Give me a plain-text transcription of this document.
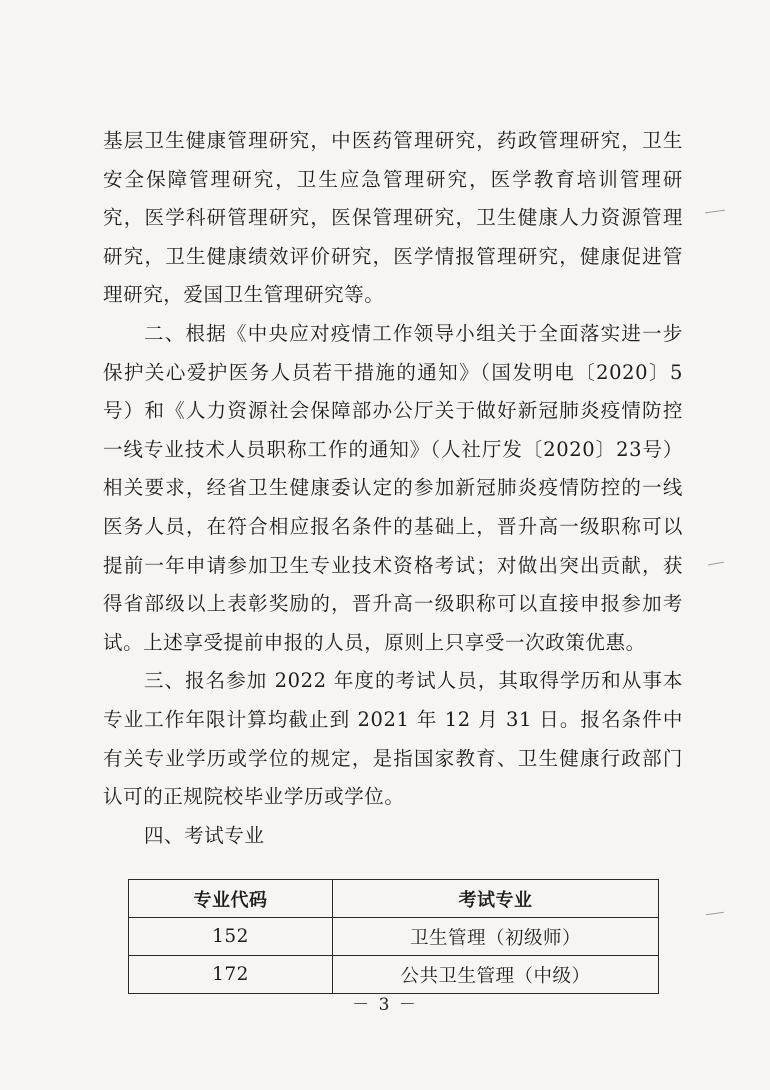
基层卫生健康管理研究，中医药管理研究，药政管理研究，卫生安全保障管理研究，卫生应急管理研究，医学教育培训管理研究，医学科研管理研究，医保管理研究，卫生健康人力资源管理研究，卫生健康绩效评价研究，医学情报管理研究，健康促进管理研究，爱国卫生管理研究等。

二、根据《中央应对疫情工作领导小组关于全面落实进一步保护关心爱护医务人员若干措施的通知》（国发明电〔2020〕5号）和《人力资源社会保障部办公厅关于做好新冠肺炎疫情防控一线专业技术人员职称工作的通知》（人社厅发〔2020〕23号）相关要求，经省卫生健康委认定的参加新冠肺炎疫情防控的一线医务人员，在符合相应报名条件的基础上，晋升高一级职称可以提前一年申请参加卫生专业技术资格考试；对做出突出贡献，获得省部级以上表彰奖励的，晋升高一级职称可以直接申报参加考试。上述享受提前申报的人员，原则上只享受一次政策优惠。

三、报名参加 2022 年度的考试人员，其取得学历和从事本专业工作年限计算均截止到 2021 年 12 月 31 日。报名条件中有关专业学历或学位的规定，是指国家教育、卫生健康行政部门认可的正规院校毕业学历或学位。

四、考试专业

专业代码	考试专业
152	卫生管理（初级师）
172	公共卫生管理（中级）
－ 3 －
